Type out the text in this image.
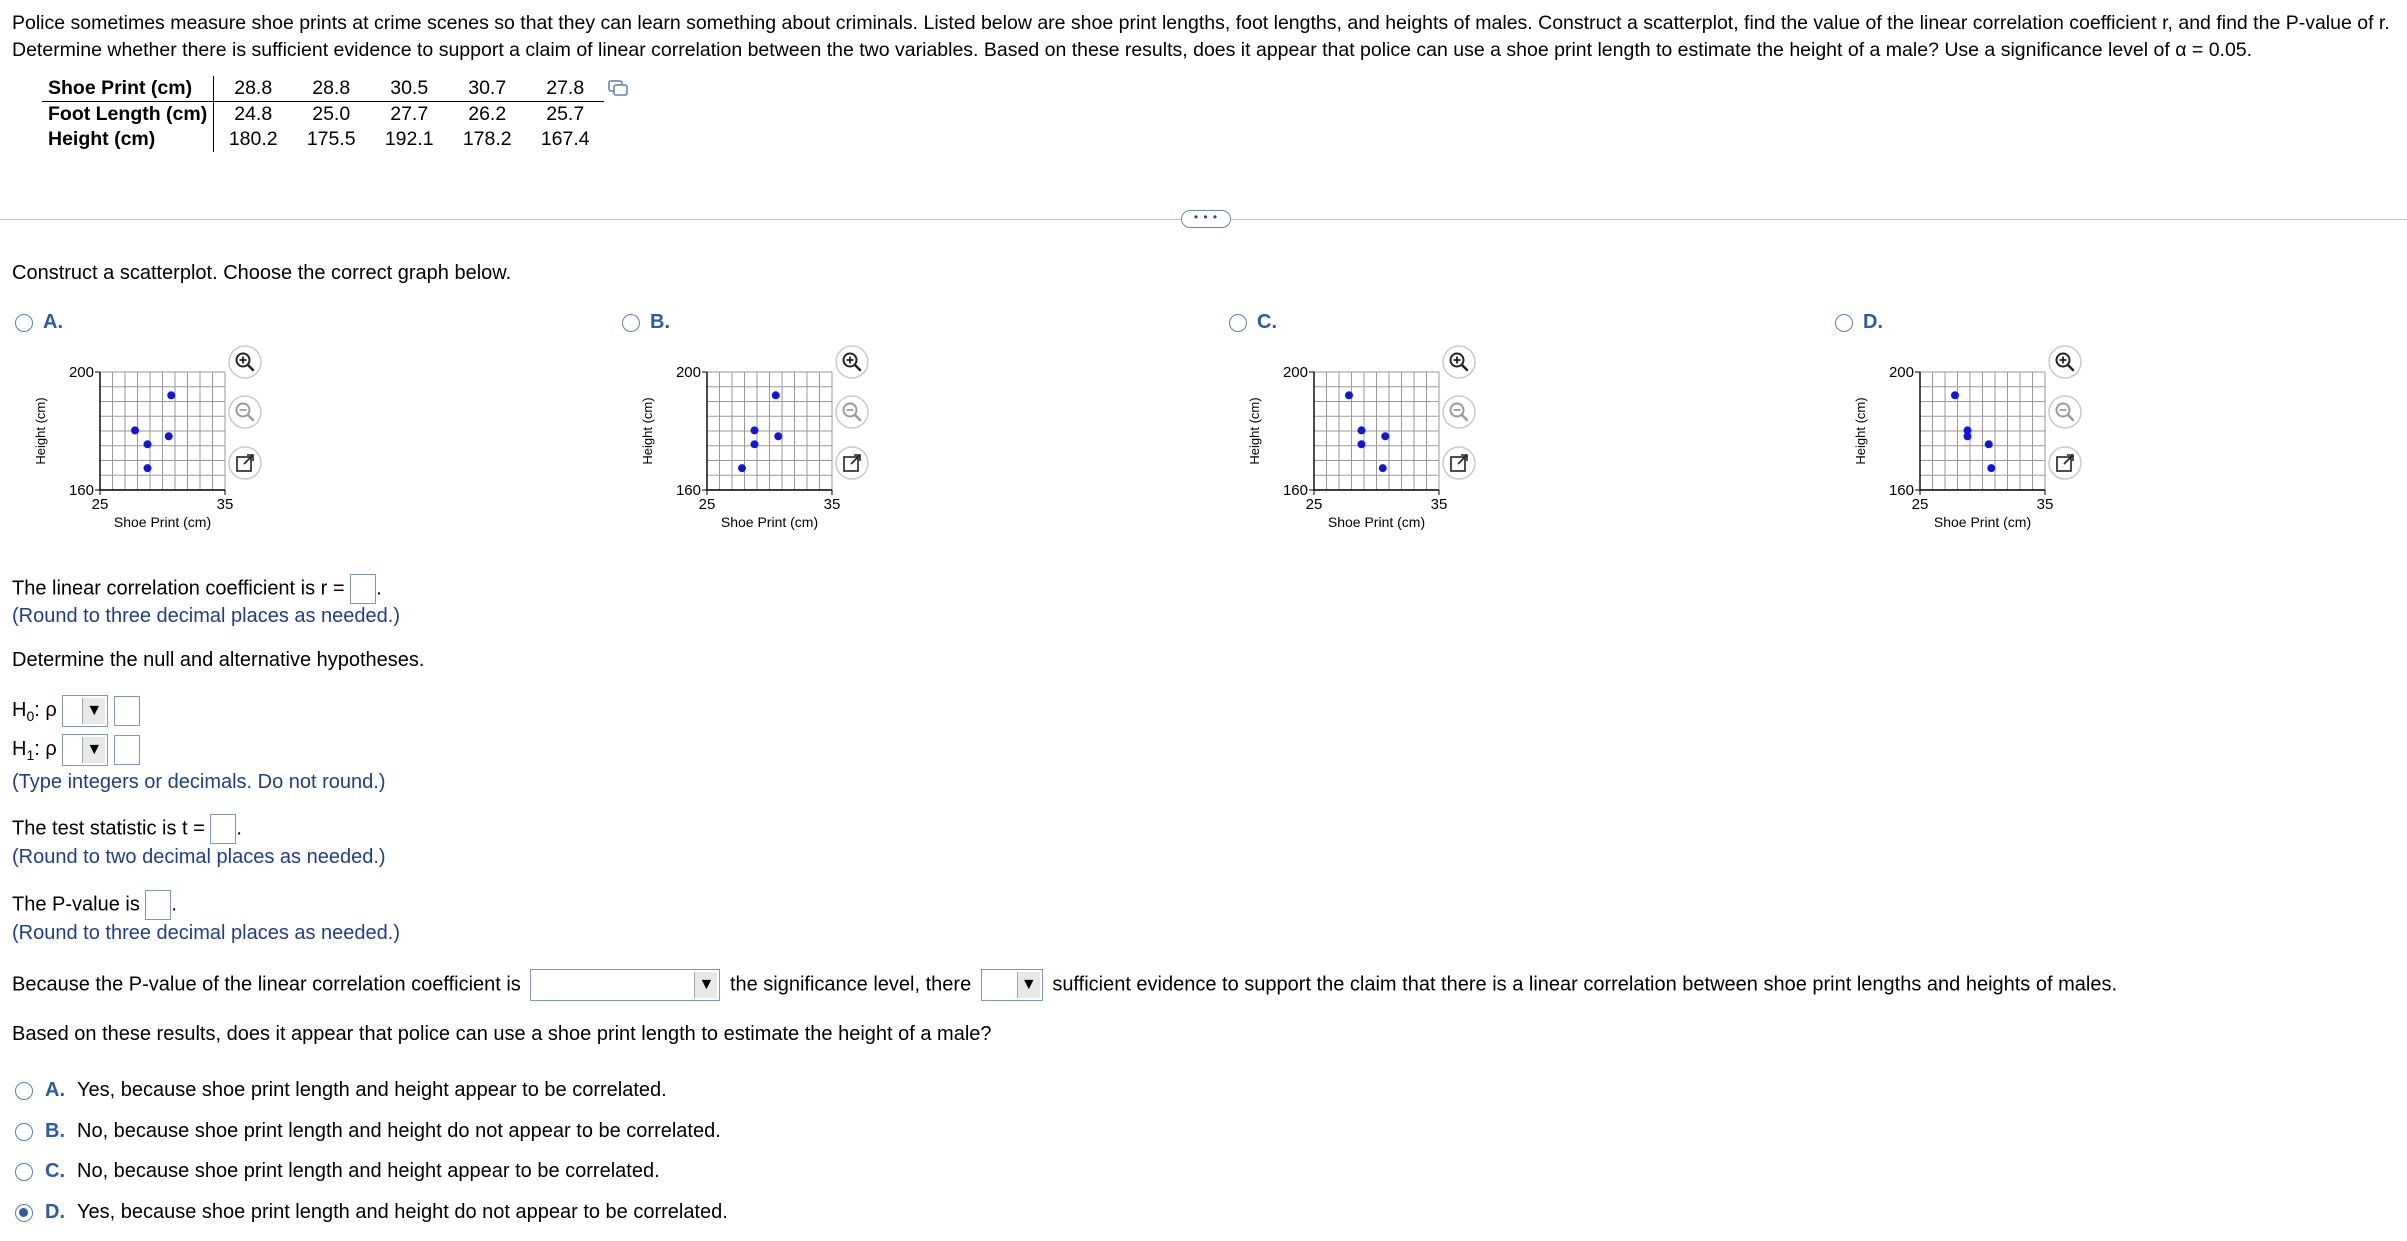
Police sometimes measure shoe prints at crime scenes so that they can learn something about criminals. Listed below are shoe print lengths, foot lengths, and heights of males. Construct a scatterplot, find the value of the linear correlation coefficient r, and find the P-value of r. Determine whether there is sufficient evidence to support a claim of linear correlation between the two variables. Based on these results, does it appear that police can use a shoe print length to estimate the height of a male? Use a significance level of α = 0.05.
Shoe Print (cm)	28.8	28.8	30.5	30.7	27.8
Foot Length (cm)	24.8	25.0	27.7	26.2	25.7
Height (cm)	180.2	175.5	192.1	178.2	167.4
• • •
Construct a scatterplot. Choose the correct graph below.
A.
200
160
25	35
Shoe Print (cm)
Height (cm)
B.
200
160
25	35
Shoe Print (cm)
Height (cm)
C.
200
160
25	35
Shoe Print (cm)
Height (cm)
D.
200
160
25	35
Shoe Print (cm)
Height (cm)
The linear correlation coefficient is r = .
(Round to three decimal places as needed.)
Determine the null and alternative hypotheses.
$H_0$: ρ ▼

$H_1$: ρ ▼

(Type integers or decimals. Do not round.)
The test statistic is t = .
(Round to two decimal places as needed.)
The P-value is .
(Round to three decimal places as needed.)
Because the P-value of the linear correlation coefficient is	▼ the significance level, there	▼ sufficient evidence to support the claim that there is a linear correlation between shoe print lengths and heights of males.
Based on these results, does it appear that police can use a shoe print length to estimate the height of a male?
A. Yes, because shoe print length and height appear to be correlated.
B. No, because shoe print length and height do not appear to be correlated.
C. No, because shoe print length and height appear to be correlated.
D. Yes, because shoe print length and height do not appear to be correlated.
